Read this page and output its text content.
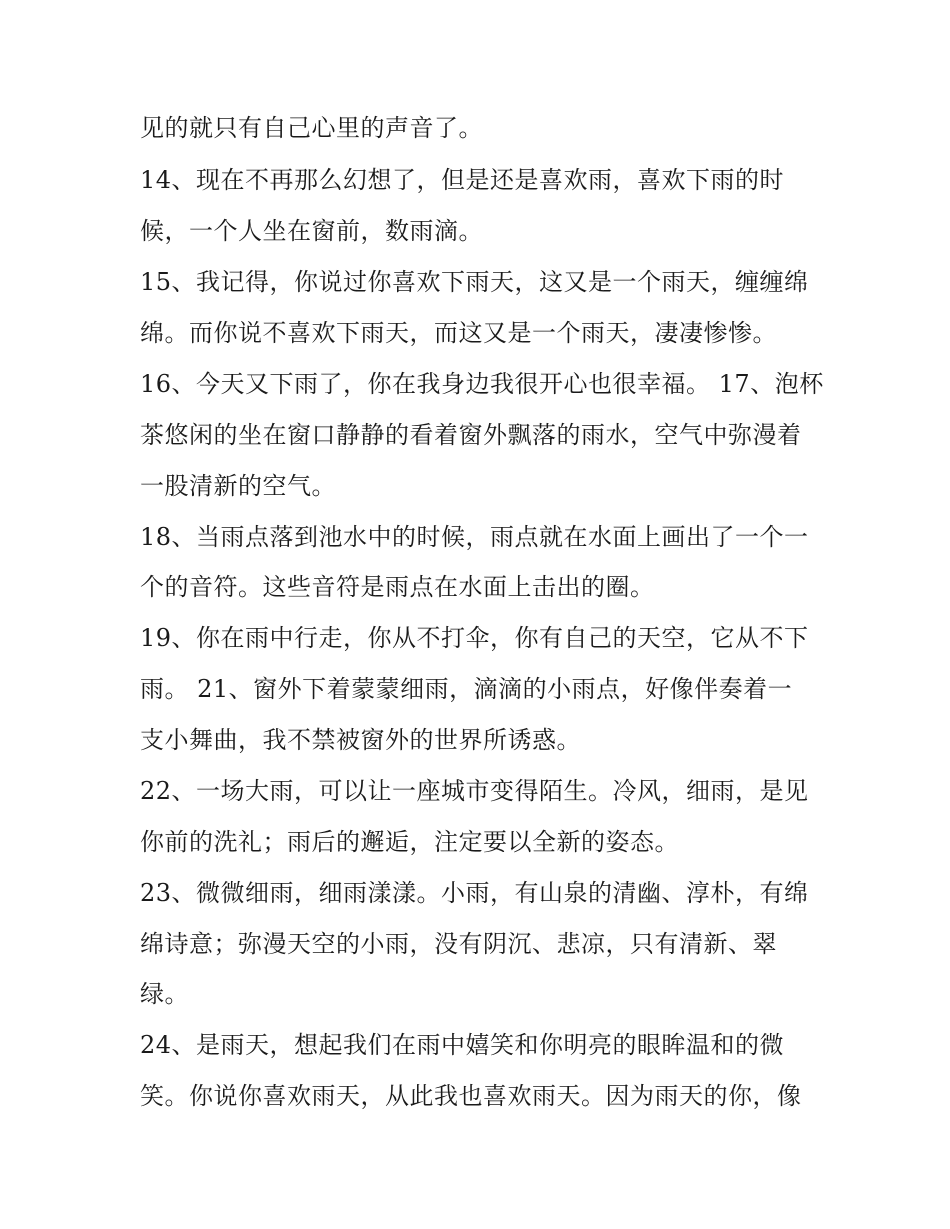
见的就只有自己心里的声音了。
14、现在不再那么幻想了，但是还是喜欢雨，喜欢下雨的时
候，一个人坐在窗前，数雨滴。
15、我记得，你说过你喜欢下雨天，这又是一个雨天，缠缠绵
绵。而你说不喜欢下雨天，而这又是一个雨天，凄凄惨惨。
16、今天又下雨了，你在我身边我很开心也很幸福。 17、泡杯
茶悠闲的坐在窗口静静的看着窗外飘落的雨水，空气中弥漫着
一股清新的空气。
18、当雨点落到池水中的时候，雨点就在水面上画出了一个一
个的音符。这些音符是雨点在水面上击出的圈。
19、你在雨中行走，你从不打伞，你有自己的天空，它从不下
雨。 21、窗外下着蒙蒙细雨，滴滴的小雨点，好像伴奏着一
支小舞曲，我不禁被窗外的世界所诱惑。
22、一场大雨，可以让一座城市变得陌生。冷风，细雨，是见
你前的洗礼；雨后的邂逅，注定要以全新的姿态。
23、微微细雨，细雨漾漾。小雨，有山泉的清幽、淳朴，有绵
绵诗意；弥漫天空的小雨，没有阴沉、悲凉，只有清新、翠
绿。
24、是雨天，想起我们在雨中嬉笑和你明亮的眼眸温和的微
笑。你说你喜欢雨天，从此我也喜欢雨天。因为雨天的你，像
